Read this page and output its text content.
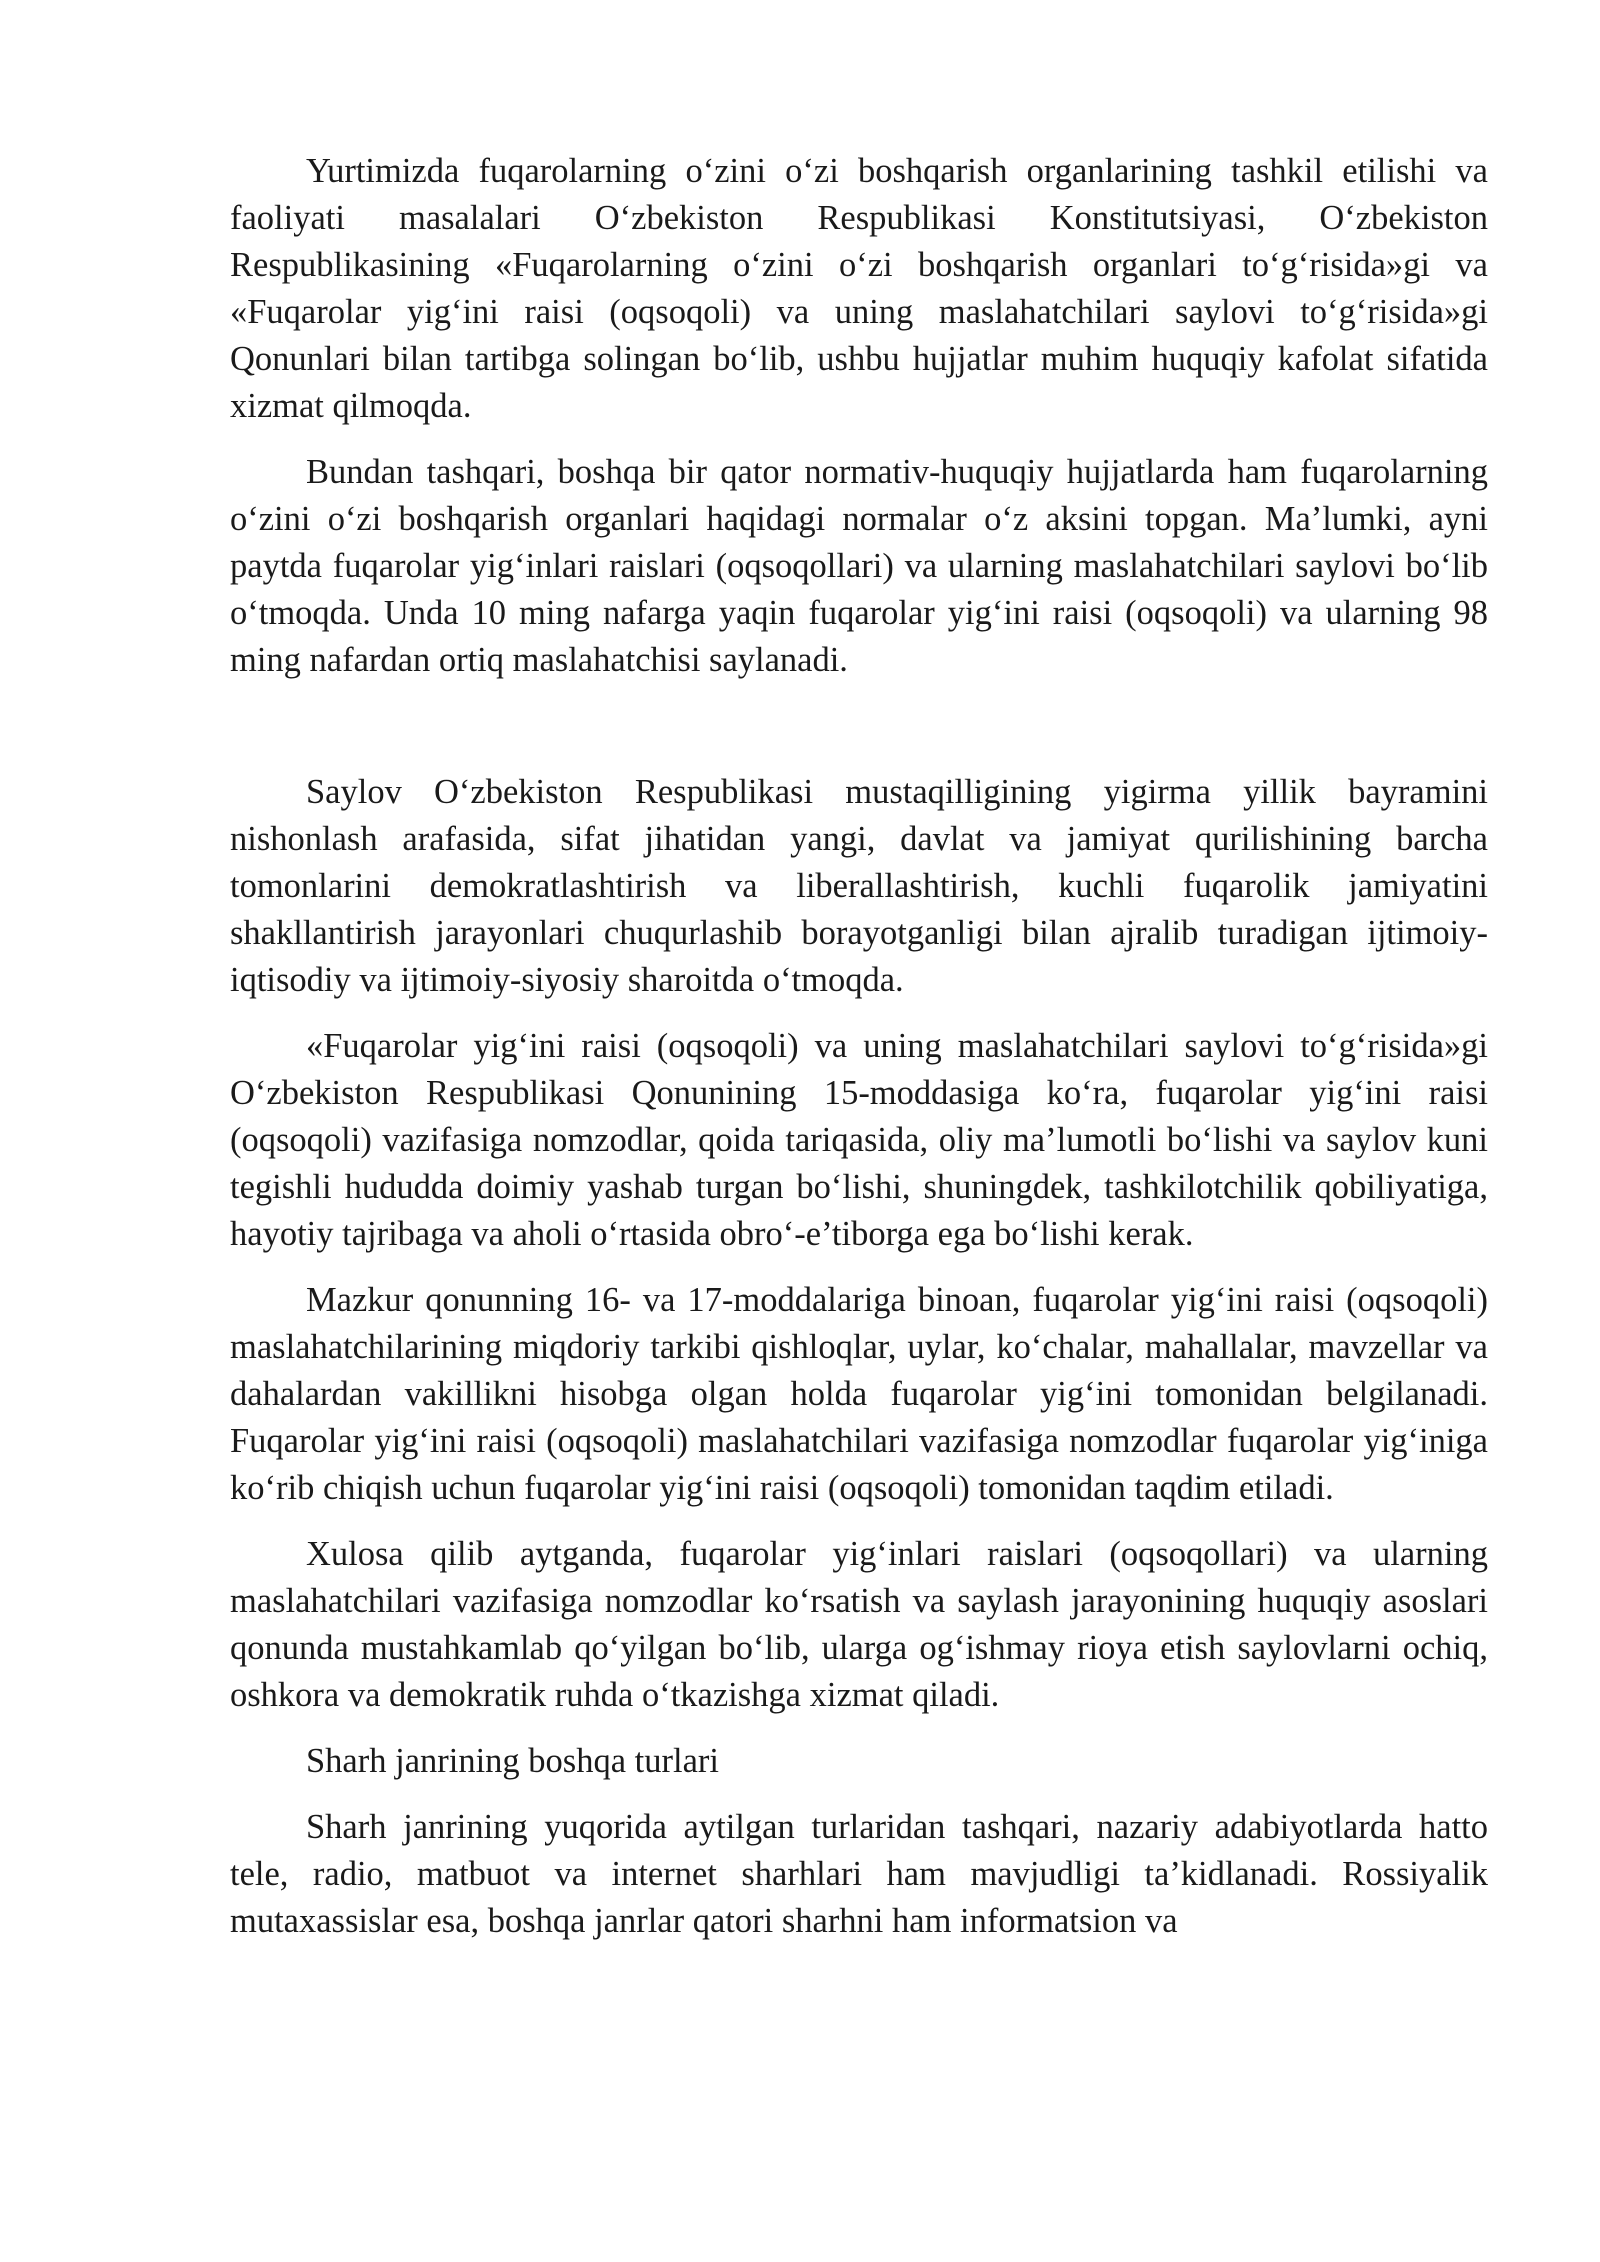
Yurtimizda fuqarolarning o‘zini o‘zi boshqarish organlarining tashkil etilishi va faoliyati masalalari O‘zbekiston Respublikasi Konstitutsiyasi, O‘zbekiston Respublikasining «Fuqarolarning o‘zini o‘zi boshqarish organlari to‘g‘risida»gi va «Fuqarolar yig‘ini raisi (oqsoqoli) va uning maslahatchilari saylovi to‘g‘risida»gi Qonunlari bilan tartibga solingan bo‘lib, ushbu hujjatlar muhim huquqiy kafolat sifatida xizmat qilmoqda.

Bundan tashqari, boshqa bir qator normativ-huquqiy hujjatlarda ham fuqarolarning o‘zini o‘zi boshqarish organlari haqidagi normalar o‘z aksini topgan. Ma’lumki, ayni paytda fuqarolar yig‘inlari raislari (oqsoqollari) va ularning maslahatchilari saylovi bo‘lib o‘tmoqda. Unda 10 ming nafarga yaqin fuqarolar yig‘ini raisi (oqsoqoli) va ularning 98 ming nafardan ortiq maslahatchisi saylanadi.

Saylov O‘zbekiston Respublikasi mustaqilligining yigirma yillik bayramini nishonlash arafasida, sifat jihatidan yangi, davlat va jamiyat qurilishining barcha tomonlarini demokratlashtirish va liberallashtirish, kuchli fuqarolik jamiyatini shakllantirish jarayonlari chuqurlashib borayotganligi bilan ajralib turadigan ijtimoiy-iqtisodiy va ijtimoiy-siyosiy sharoitda o‘tmoqda.

«Fuqarolar yig‘ini raisi (oqsoqoli) va uning maslahatchilari saylovi to‘g‘risida»gi O‘zbekiston Respublikasi Qonunining 15-moddasiga ko‘ra, fuqarolar yig‘ini raisi (oqsoqoli) vazifasiga nomzodlar, qoida tariqasida, oliy ma’lumotli bo‘lishi va saylov kuni tegishli hududda doimiy yashab turgan bo‘lishi, shuningdek, tashkilotchilik qobiliyatiga, hayotiy tajribaga va aholi o‘rtasida obro‘-e’tiborga ega bo‘lishi kerak.

Mazkur qonunning 16- va 17-moddalariga binoan, fuqarolar yig‘ini raisi (oqsoqoli) maslahatchilarining miqdoriy tarkibi qishloqlar, uylar, ko‘chalar, mahallalar, mavzellar va dahalardan vakillikni hisobga olgan holda fuqarolar yig‘ini tomonidan belgilanadi. Fuqarolar yig‘ini raisi (oqsoqoli) maslahatchilari vazifasiga nomzodlar fuqarolar yig‘iniga ko‘rib chiqish uchun fuqarolar yig‘ini raisi (oqsoqoli) tomonidan taqdim etiladi.

Xulosa qilib aytganda, fuqarolar yig‘inlari raislari (oqsoqollari) va ularning maslahatchilari vazifasiga nomzodlar ko‘rsatish va saylash jarayonining huquqiy asoslari qonunda mustahkamlab qo‘yilgan bo‘lib, ularga og‘ishmay rioya etish saylovlarni ochiq, oshkora va demokratik ruhda o‘tkazishga xizmat qiladi.

Sharh janrining boshqa turlari

Sharh janrining yuqorida aytilgan turlaridan tashqari, nazariy adabiyotlarda hatto tele, radio, matbuot va internet sharhlari ham mavjudligi ta’kidlanadi. Rossiyalik mutaxassislar esa, boshqa janrlar qatori sharhni ham informatsion va
